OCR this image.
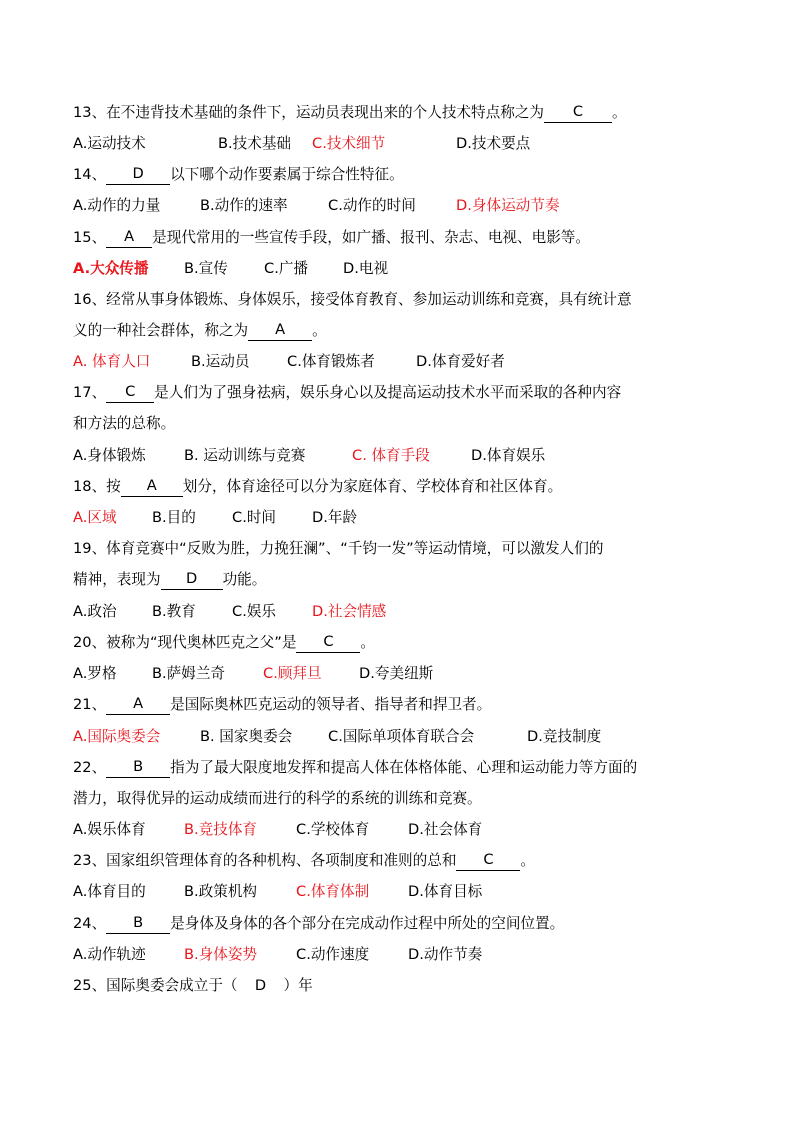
13、在不违背技术基础的条件下，运动员表现出来的个人技术特点称之为 C 。
A.运动技术	B.技术基础 C.技术细节	D.技术要点
14、 D 以下哪个动作要素属于综合性特征。
A.动作的力量	B.动作的速率	C.动作的时间	D.身体运动节奏
15、 A 是现代常用的一些宣传手段，如广播、报刊、杂志、电视、电影等。
A.大众传播 B.宣传 C.广播 D.电视
16、经常从事身体锻炼、身体娱乐，接受体育教育、参加运动训练和竞赛，具有统计意
义的一种社会群体，称之为 A 。
A. 体育人口	B.运动员	C.体育锻炼者	D.体育爱好者
17、 C 是人们为了强身祛病，娱乐身心以及提高运动技术水平而采取的各种内容
和方法的总称。
A.身体锻炼	B. 运动训练与竞赛	C. 体育手段	D.体育娱乐
18、按 A 划分，体育途径可以分为家庭体育、学校体育和社区体育。
A.区域 B.目的 C.时间 D.年龄
19、体育竞赛中“反败为胜，力挽狂澜”、“千钧一发”等运动情境，可以激发人们的
精神，表现为 D 功能。
A.政治 B.教育 C.娱乐 D.社会情感
20、被称为“现代奥林匹克之父”是 C 。
A.罗格 B.萨姆兰奇	C.顾拜旦	D.夸美纽斯
21、 A 是国际奥林匹克运动的领导者、指导者和捍卫者。
A.国际奥委会	B. 国家奥委会 C.国际单项体育联合会	D.竞技制度
22、 B 指为了最大限度地发挥和提高人体在体格体能、心理和运动能力等方面的
潜力，取得优异的运动成绩而进行的科学的系统的训练和竞赛。
A.娱乐体育	B.竞技体育	C.学校体育	D.社会体育
23、国家组织管理体育的各种机构、各项制度和准则的总和 C 。
A.体育目的	B.政策机构	C.体育体制	D.体育目标
24、 B 是身体及身体的各个部分在完成动作过程中所处的空间位置。
A.动作轨迹	B.身体姿势	C.动作速度	D.动作节奏
25、国际奥委会成立于（ D ）年
